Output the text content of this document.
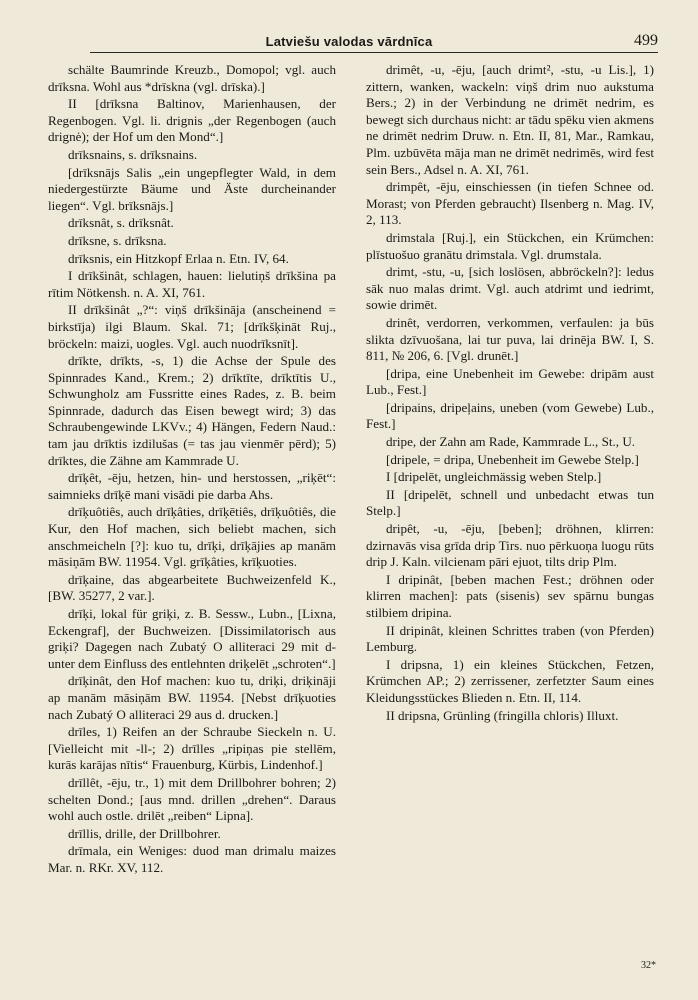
Latviešu valodas vārdnīca	499

schälte Baumrinde Kreuzb., Domopol; vgl. auch drīksna. Wohl aus *drīskna (vgl. drīska).]

II [drīksna Baltinov, Marienhausen, der Regenbogen. Vgl. li. drignis „der Regenbogen (auch drignė); der Hof um den Mond“.]

drīksnains, s. drīksnains.

[drīksnājs Salis „ein ungepflegter Wald, in dem niedergestürzte Bäume und Äste durcheinander liegen“. Vgl. brīksnājs.]

drīksnât, s. drīksnât.

drīksne, s. drīksna.

drīksnis, ein Hitzkopf Erlaa n. Etn. IV, 64.

I drīkšinât, schlagen, hauen: lielutiņš drīkšina pa rītim Nötkensh. n. A. XI, 761.

II drīkšinât „?“: viņš drīkšināja (anscheinend = birkstīja) ilgi Blaum. Skal. 71; [drīkšķināt Ruj., bröckeln: maizi, uogles. Vgl. auch nuodrīksnīt].

drīkte, drīkts, -s, 1) die Achse der Spule des Spinnrades Kand., Krem.; 2) drīktīte, drīktītis U., Schwungholz am Fussritte eines Rades, z. B. beim Spinnrade, dadurch das Eisen bewegt wird; 3) das Schraubengewinde LKVv.; 4) Hängen, Federn Naud.: tam jau drīktis izdilušas (= tas jau vienmēr pērd); 5) drīktes, die Zähne am Kammrade U.

drīķêt, -ēju, hetzen, hin- und herstossen, „riķēt“: saimnieks drīķē mani visādi pie darba Ahs.

drīķuôtiês, auch drīķâties, drīķētiês, drīķuôtiês, die Kur, den Hof machen, sich beliebt machen, sich anschmeicheln [?]: kuo tu, drīķi, drīķājies ap manām māsiņām BW. 11954. Vgl. grīķâties, krīķuoties.

drīķaine, das abgearbeitete Buchweizenfeld K., [BW. 35277, 2 var.].

drīķi, lokal für griķi, z. B. Sessw., Lubn., [Lixna, Eckengraf], der Buchweizen. [Dissimilatorisch aus griķi? Dagegen nach Zubatý O alliteraci 29 mit d- unter dem Einfluss des entlehnten driķelēt „schroten“.]

drīķinât, den Hof machen: kuo tu, driķi, driķināji ap manām māsiņām BW. 11954. [Nebst drīķuoties nach Zubatý O alliteraci 29 aus d. drucken.]

drīles, 1) Reifen an der Schraube Sieckeln n. U. [Vielleicht mit -ll-; 2) drīlles „ripiņas pie stellēm, kurās karājas nītis“ Frauenburg, Kürbis, Lindenhof.]

drīllêt, -ēju, tr., 1) mit dem Drillbohrer bohren; 2) schelten Dond.; [aus mnd. drillen „drehen“. Daraus wohl auch ostle. drilēt „reiben“ Lipna].

drīllis, drille, der Drillbohrer.

drīmala, ein Weniges: duod man drimalu maizes Mar. n. RKr. XV, 112.

drimêt, -u, -ēju, [auch drimt², -stu, -u Lis.], 1) zittern, wanken, wackeln: viņš drim nuo aukstuma Bers.; 2) in der Verbindung ne drimēt nedrim, es bewegt sich durchaus nicht: ar tādu spēku vien akmens ne drimēt nedrim Druw. n. Etn. II, 81, Mar., Ramkau, Plm. uzbūvēta māja man ne drimēt nedrimēs, wird fest sein Bers., Adsel n. A. XI, 761.

drimpêt, -ēju, einschiessen (in tiefen Schnee od. Morast; von Pferden gebraucht) Ilsenberg n. Mag. IV, 2, 113.

drimstala [Ruj.], ein Stückchen, ein Krümchen: plīstuošuo granātu drimstala. Vgl. drumstala.

drimt, -stu, -u, [sich loslösen, abbröckeln?]: ledus sāk nuo malas drimt. Vgl. auch atdrimt und iedrimt, sowie drimēt.

drinêt, verdorren, verkommen, verfaulen: ja būs slikta dzīvuošana, lai tur puva, lai drinēja BW. I, S. 811, № 206, 6. [Vgl. drunēt.]

[dripa, eine Unebenheit im Gewebe: dripām aust Lub., Fest.]

[dripains, dripeļains, uneben (vom Gewebe) Lub., Fest.]

dripe, der Zahn am Rade, Kammrade L., St., U.

[dripele, = dripa, Unebenheit im Gewebe Stelp.]

I [dripelēt, ungleichmässig weben Stelp.]

II [dripelēt, schnell und unbedacht etwas tun Stelp.]

dripêt, -u, -ēju, [beben]; dröhnen, klirren: dzirnavās visa grīda drip Tirs. nuo pērkuoņa luogu rūts drip J. Kaln. vilcienam pāri ejuot, tilts drip Plm.

I dripinât, [beben machen Fest.; dröhnen oder klirren machen]: pats (sisenis) sev spārnu bungas stilbiem dripina.

II dripinât, kleinen Schrittes traben (von Pferden) Lemburg.

I dripsna, 1) ein kleines Stückchen, Fetzen, Krümchen AP.; 2) zerrissener, zerfetzter Saum eines Kleidungsstückes Blieden n. Etn. II, 114.

II dripsna, Grünling (fringilla chloris) Illuxt.

32*
